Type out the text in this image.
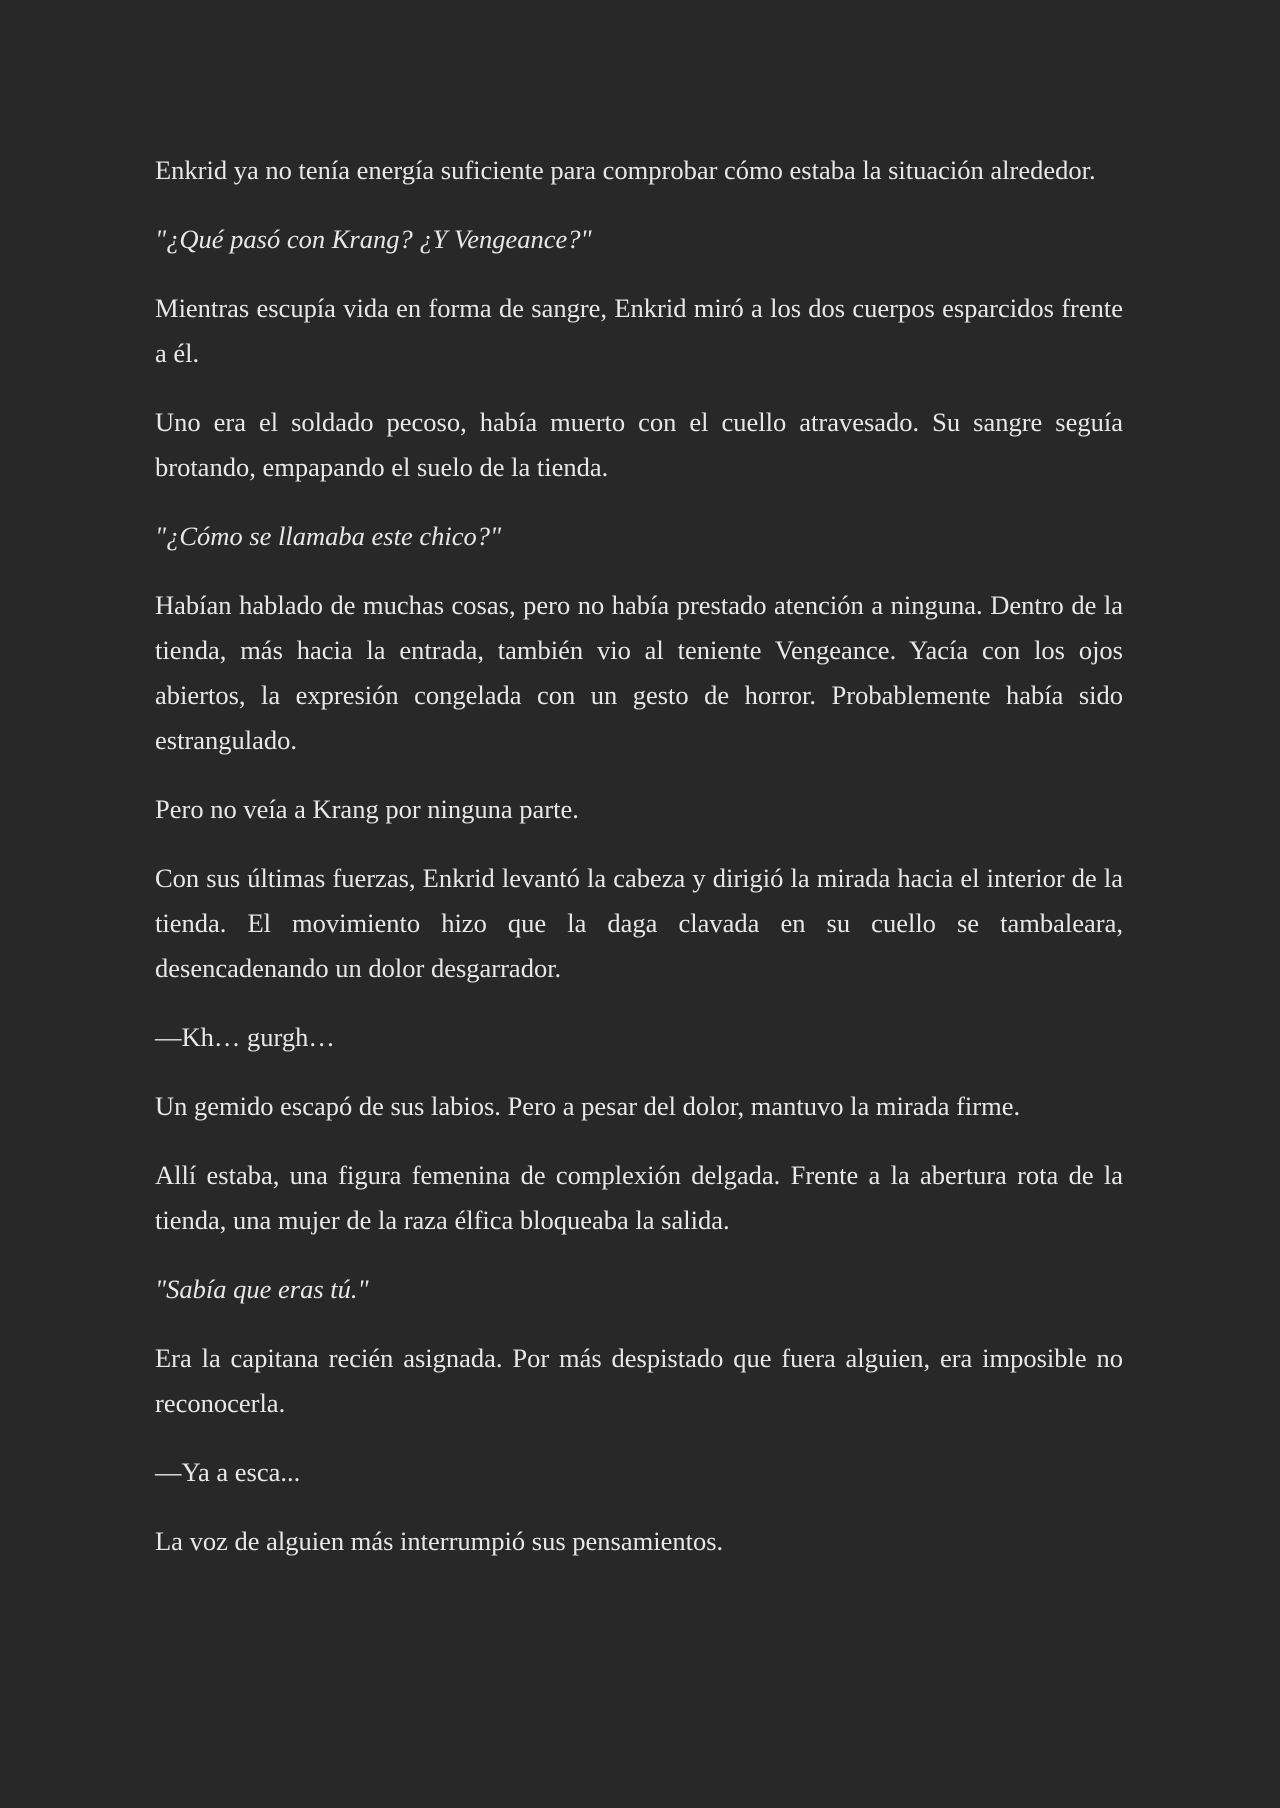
Enkrid ya no tenía energía suficiente para comprobar cómo estaba la situación alrededor.

"¿Qué pasó con Krang? ¿Y Vengeance?"

Mientras escupía vida en forma de sangre, Enkrid miró a los dos cuerpos esparcidos frente a él.

Uno era el soldado pecoso, había muerto con el cuello atravesado. Su sangre seguía brotando, empapando el suelo de la tienda.

"¿Cómo se llamaba este chico?"

Habían hablado de muchas cosas, pero no había prestado atención a ninguna. Dentro de la tienda, más hacia la entrada, también vio al teniente Vengeance. Yacía con los ojos abiertos, la expresión congelada con un gesto de horror. Probablemente había sido estrangulado.

Pero no veía a Krang por ninguna parte.

Con sus últimas fuerzas, Enkrid levantó la cabeza y dirigió la mirada hacia el interior de la tienda. El movimiento hizo que la daga clavada en su cuello se tambaleara, desencadenando un dolor desgarrador.

—Kh… gurgh…

Un gemido escapó de sus labios. Pero a pesar del dolor, mantuvo la mirada firme.

Allí estaba, una figura femenina de complexión delgada. Frente a la abertura rota de la tienda, una mujer de la raza élfica bloqueaba la salida.

"Sabía que eras tú."

Era la capitana recién asignada. Por más despistado que fuera alguien, era imposible no reconocerla.

—Ya a esca...

La voz de alguien más interrumpió sus pensamientos.
